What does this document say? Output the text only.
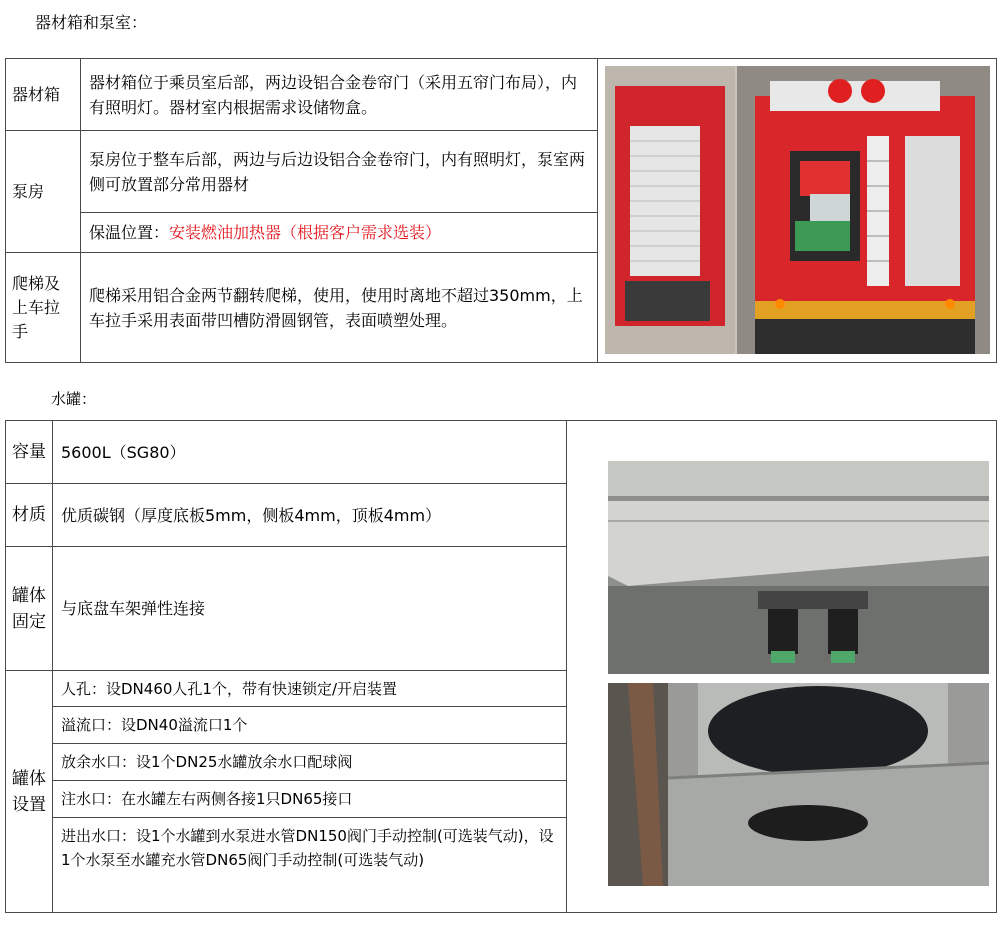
器材箱和泵室：
器材箱	器材箱位于乘员室后部，两边设铝合金卷帘门（采用五帘门布局），内有照明灯。器材室内根据需求设储物盒。	

泵房	泵房位于整车后部，两边与后边设铝合金卷帘门，内有照明灯，泵室两侧可放置部分常用器材	
	保温位置：安装燃油加热器（根据客户需求选装）	
爬梯及上车拉手	爬梯采用铝合金两节翻转爬梯，使用，使用时离地不超过350mm，上车拉手采用表面带凹槽防滑圆钢管，表面喷塑处理。	
水罐：
容量	5600L（SG80）	

材质	优质碳钢（厚度底板5mm，侧板4mm，顶板4mm）	
罐体固定	与底盘车架弹性连接	
罐体设置	人孔：设DN460人孔1个，带有快速锁定/开启装置	
	溢流口：设DN40溢流口1个	
	放余水口：设1个DN25水罐放余水口配球阀	
	注水口：在水罐左右两侧各接1只DN65接口	
	进出水口：设1个水罐到水泵进水管DN150阀门手动控制(可选装气动)，设1个水泵至水罐充水管DN65阀门手动控制(可选装气动)	
